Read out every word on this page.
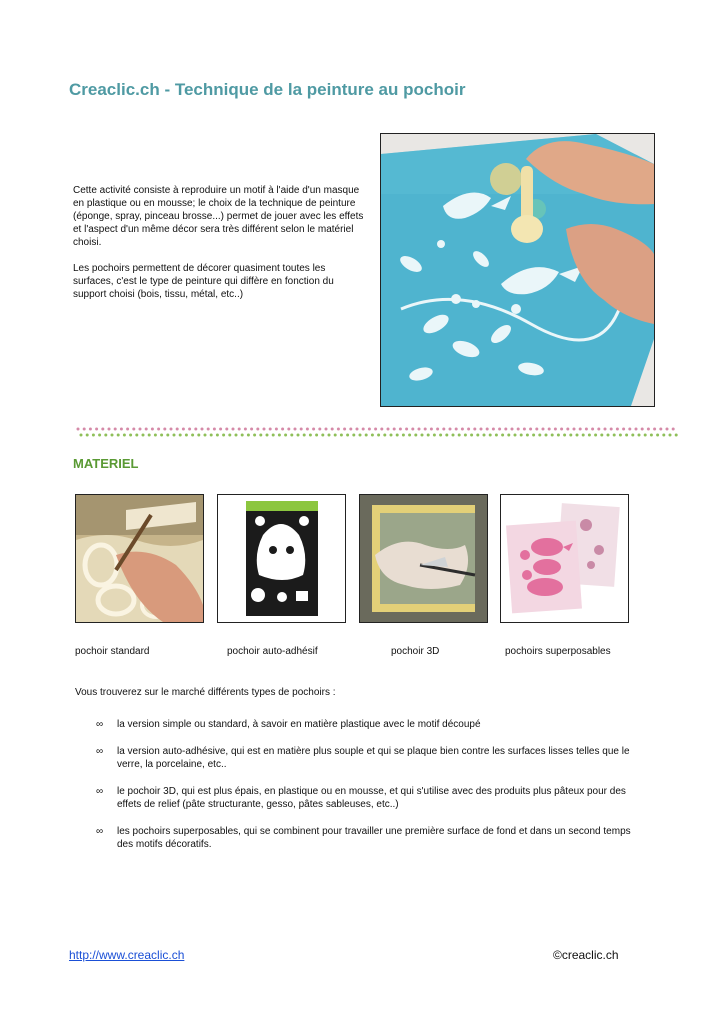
Creaclic.ch - Technique de la peinture au pochoir

Cette activité consiste à reproduire un motif à l'aide d'un masque en plastique ou en mousse; le choix de la technique de peinture (éponge, spray, pinceau brosse...) permet de jouer avec les effets et l'aspect d'un même décor sera très différent selon le matériel choisi.

Les pochoirs permettent de décorer quasiment toutes les surfaces, c'est le type de peinture qui diffère en fonction du support choisi (bois, tissu, métal, etc..)

MATERIEL
pochoir standard	pochoir auto-adhésif	pochoir 3D	pochoirs superposables
Vous trouverez sur le marché différents types de pochoirs :
∞ la version simple ou standard, à savoir en matière plastique avec le motif découpé
∞ la version auto-adhésive, qui est en matière plus souple et qui se plaque bien contre les surfaces lisses telles que le verre, la porcelaine, etc..
∞ le pochoir 3D, qui est plus épais, en plastique ou en mousse, et qui s'utilise avec des produits plus pâteux pour des effets de relief (pâte structurante, gesso, pâtes sableuses, etc..)
∞ les pochoirs superposables, qui se combinent pour travailler une première surface de fond et dans un second temps des motifs décoratifs.
http://www.creaclic.ch	©creaclic.ch
